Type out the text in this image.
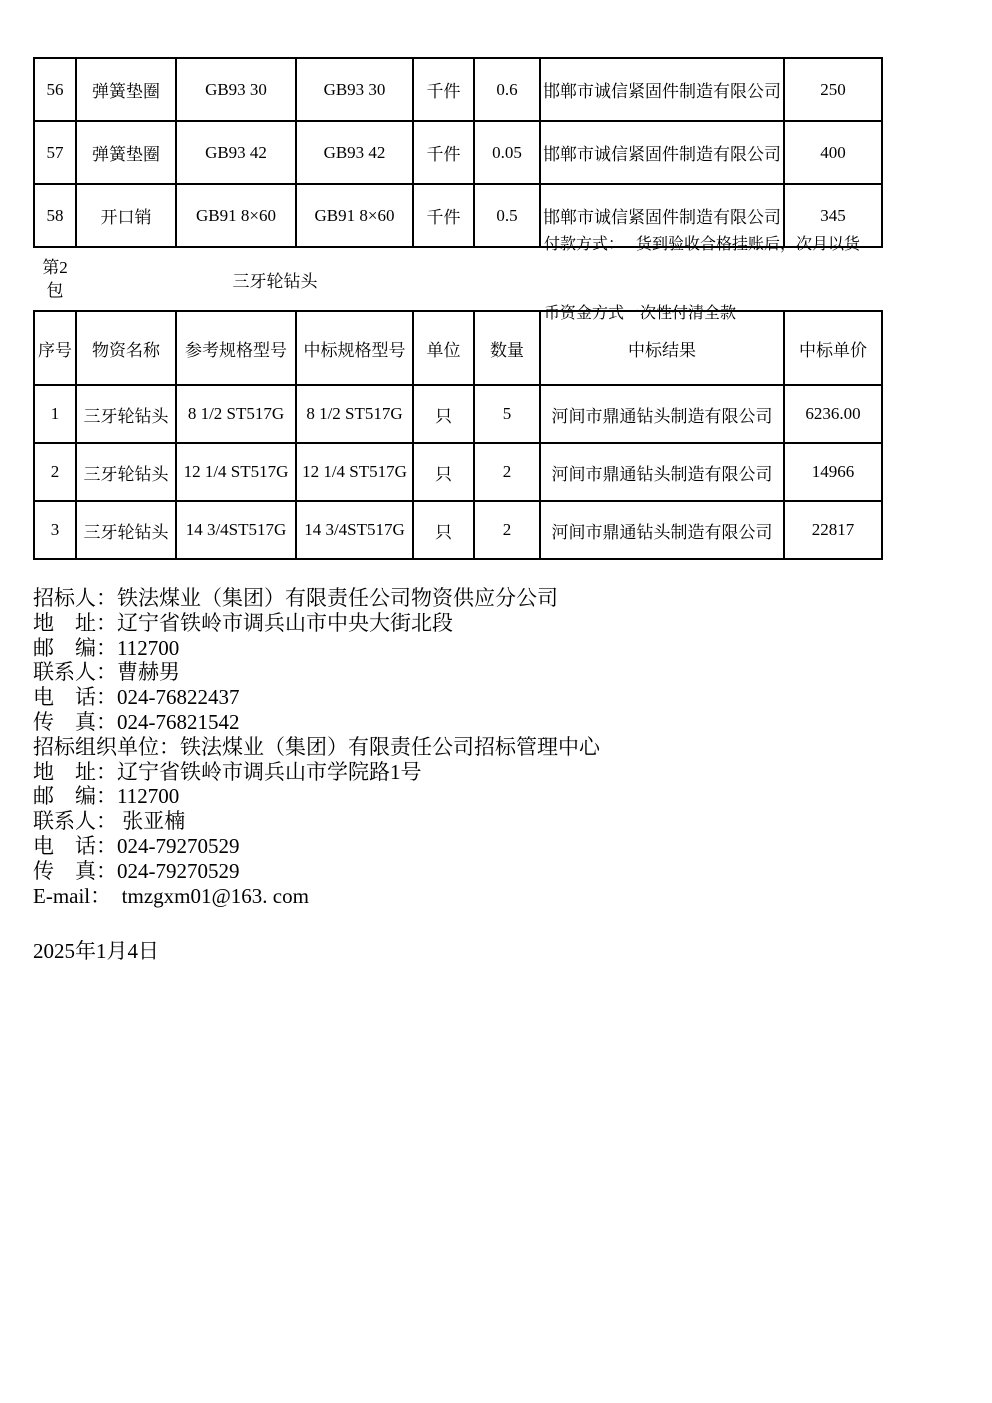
56	弹簧垫圈	GB93 30	GB93 30	千件	0.6	邯郸市诚信紧固件制造有限公司	250
57	弹簧垫圈	GB93 42	GB93 42	千件	0.05	邯郸市诚信紧固件制造有限公司	400
58	开口销	GB91 8×60	GB91 8×60	千件	0.5	邯郸市诚信紧固件制造有限公司	345
第2包	三牙轮钻头

付款方式：　 货到验收合格挂账后，次月以货

币资金方式一次性付清全款

序号	物资名称	参考规格型号	中标规格型号	单位	数量	中标结果	中标单价
1	三牙轮钻头	8 1/2 ST517G	8 1/2 ST517G	只	5	河间市鼎通钻头制造有限公司	6236.00
2	三牙轮钻头	12 1/4 ST517G	12 1/4 ST517G	只	2	河间市鼎通钻头制造有限公司	14966
3	三牙轮钻头	14 3/4ST517G	14 3/4ST517G	只	2	河间市鼎通钻头制造有限公司	22817
招标人：铁法煤业（集团）有限责任公司物资供应分公司
地　址：辽宁省铁岭市调兵山市中央大街北段
邮　编：112700
联系人：曹赫男
电　话：024-76822437
传　真：024-76821542
招标组织单位：铁法煤业（集团）有限责任公司招标管理中心
地　址：辽宁省铁岭市调兵山市学院路1号
邮　编：112700
联系人： 张亚楠
电　话：024-79270529
传　真：024-79270529
E-mail：  tmzgxm01@163. com
2025年1月4日
